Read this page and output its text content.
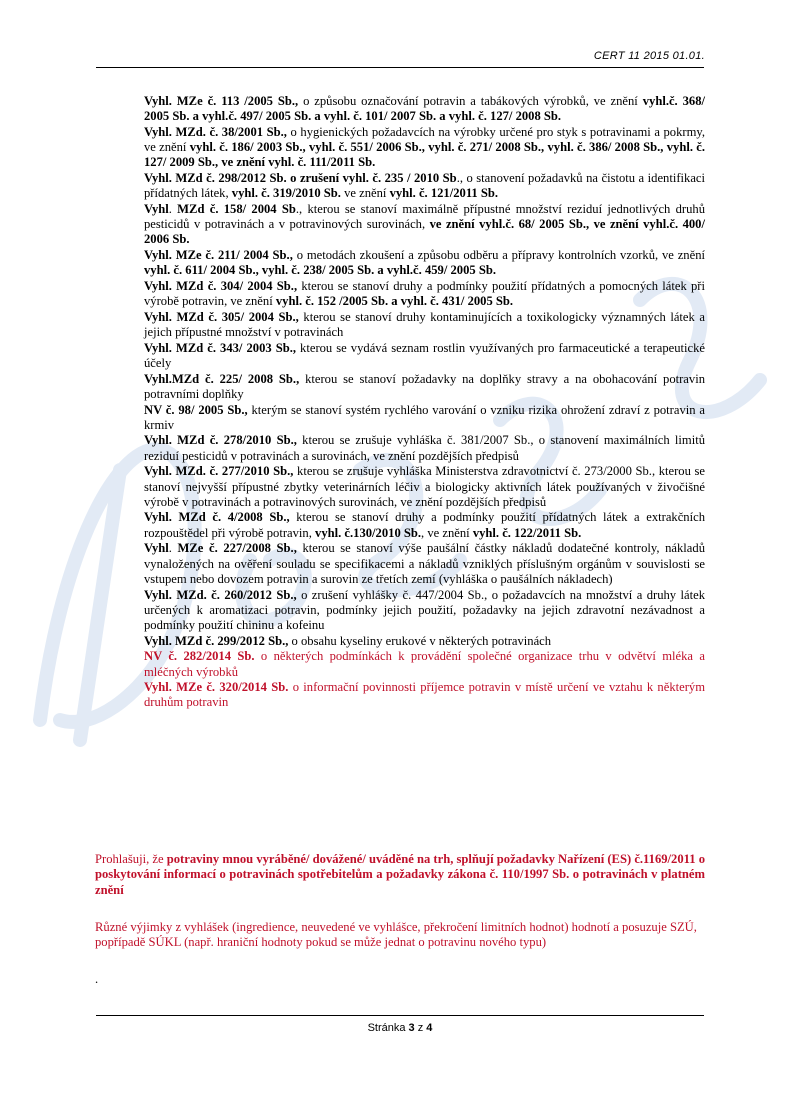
CERT 11 2015 01.01.
Vyhl. MZe č. 113 /2005 Sb., o způsobu označování potravin a tabákových výrobků, ve znění vyhl.č. 368/ 2005 Sb. a vyhl.č. 497/ 2005 Sb. a vyhl. č. 101/ 2007 Sb. a vyhl. č. 127/ 2008 Sb.
Vyhl. MZd. č. 38/2001 Sb., o hygienických požadavcích na výrobky určené pro styk s potravinami a pokrmy, ve znění vyhl. č. 186/ 2003 Sb., vyhl. č. 551/ 2006 Sb., vyhl. č. 271/ 2008 Sb., vyhl. č. 386/ 2008 Sb., vyhl. č. 127/ 2009 Sb., ve znění vyhl. č. 111/2011 Sb.
Vyhl. MZd č. 298/2012 Sb. o zrušení vyhl. č. 235 / 2010 Sb., o stanovení požadavků na čistotu a identifikaci přídatných látek, vyhl. č. 319/2010 Sb. ve znění vyhl. č. 121/2011 Sb.
Vyhl. MZd č. 158/ 2004 Sb., kterou se stanoví maximálně přípustné množství reziduí jednotlivých druhů pesticidů v potravinách a v potravinových surovinách, ve znění vyhl.č. 68/ 2005 Sb., ve znění vyhl.č. 400/ 2006 Sb.
Vyhl. MZe č. 211/ 2004 Sb., o metodách zkoušení a způsobu odběru a přípravy kontrolních vzorků, ve znění vyhl. č. 611/ 2004 Sb., vyhl. č. 238/ 2005 Sb. a vyhl.č. 459/ 2005 Sb.
Vyhl. MZd č. 304/ 2004 Sb., kterou se stanoví druhy a podmínky použití přídatných a pomocných látek při výrobě potravin, ve znění vyhl. č. 152 /2005 Sb. a vyhl. č. 431/ 2005 Sb.
Vyhl. MZd č. 305/ 2004 Sb., kterou se stanoví druhy kontaminujících a toxikologicky významných látek a jejich přípustné množství v potravinách
Vyhl. MZd č. 343/ 2003 Sb., kterou se vydává seznam rostlin využívaných pro farmaceutické a terapeutické účely
Vyhl.MZd č. 225/ 2008 Sb., kterou se stanoví požadavky na doplňky stravy a na obohacování potravin potravními doplňky
NV č. 98/ 2005 Sb., kterým se stanoví systém rychlého varování o vzniku rizika ohrožení zdraví z potravin a krmiv
Vyhl. MZd č. 278/2010 Sb., kterou se zrušuje vyhláška č. 381/2007 Sb., o stanovení maximálních limitů reziduí pesticidů v potravinách a surovinách, ve znění pozdějších předpisů
Vyhl. MZd. č. 277/2010 Sb., kterou se zrušuje vyhláška Ministerstva zdravotnictví č. 273/2000 Sb., kterou se stanoví nejvyšší přípustné zbytky veterinárních léčiv a biologicky aktivních látek používaných v živočišné výrobě v potravinách a potravinových surovinách, ve znění pozdějších předpisů
Vyhl. MZd č. 4/2008 Sb., kterou se stanoví druhy a podmínky použití přídatných látek a extrakčních rozpouštědel při výrobě potravin, vyhl. č.130/2010 Sb., ve znění vyhl. č. 122/2011 Sb.
Vyhl. MZe č. 227/2008 Sb., kterou se stanoví výše paušální částky nákladů dodatečné kontroly, nákladů vynaložených na ověření souladu se specifikacemi a nákladů vzniklých příslušným orgánům v souvislosti se vstupem nebo dovozem potravin a surovin ze třetích zemí (vyhláška o paušálních nákladech)
Vyhl. MZd. č. 260/2012 Sb., o zrušení vyhlášky č. 447/2004 Sb., o požadavcích na množství a druhy látek určených k aromatizaci potravin, podmínky jejich použití, požadavky na jejich zdravotní nezávadnost a podmínky použití chininu a kofeinu
Vyhl. MZd č. 299/2012 Sb., o obsahu kyseliny erukové v některých potravinách
NV č. 282/2014 Sb. o některých podmínkách k provádění společné organizace trhu v odvětví mléka a mléčných výrobků
Vyhl. MZe č. 320/2014 Sb. o informační povinnosti příjemce potravin v místě určení ve vztahu k některým druhům potravin
Prohlašuji, že potraviny mnou vyráběné/ dovážené/ uváděné na trh, splňují požadavky Nařízení (ES) č.1169/2011 o poskytování informací o potravinách spotřebitelům a požadavky zákona č. 110/1997 Sb. o potravinách v platném znění
Různé výjimky z vyhlášek (ingredience, neuvedené ve vyhlášce, překročení limitních hodnot) hodnotí a posuzuje SZÚ, popřípadě SÚKL (např. hraniční hodnoty pokud se může jednat o potravinu nového typu)
.
Stránka 3 z 4
